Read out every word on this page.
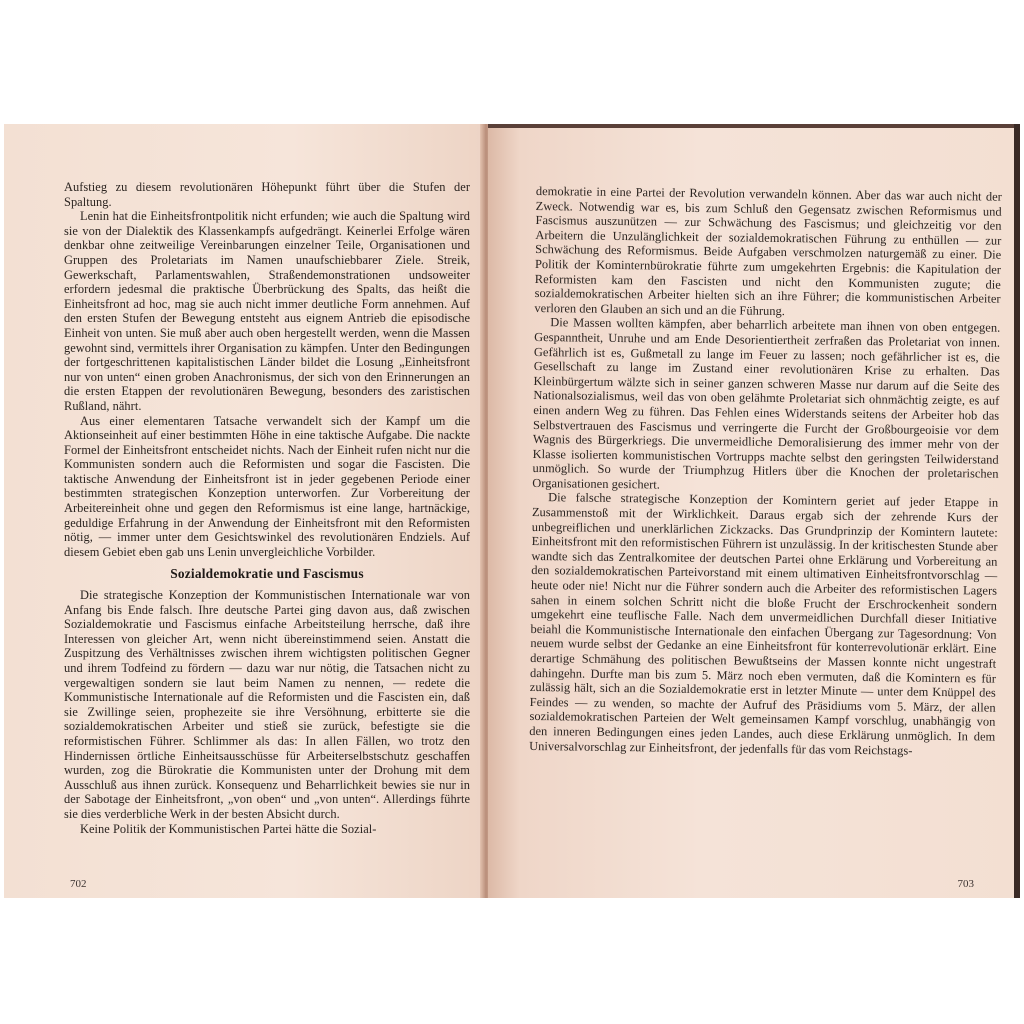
Aufstieg zu diesem revolutionären Höhepunkt führt über die Stufen der Spaltung.

Lenin hat die Einheitsfrontpolitik nicht erfunden; wie auch die Spaltung wird sie von der Dialektik des Klassenkampfs aufgedrängt. Keinerlei Erfolge wären denkbar ohne zeitweilige Vereinbarungen einzelner Teile, Organisationen und Gruppen des Proletariats im Namen unaufschiebbarer Ziele. Streik, Gewerkschaft, Parlamentswahlen, Straßendemonstrationen undsoweiter erfordern jedesmal die praktische Überbrückung des Spalts, das heißt die Einheitsfront ad hoc, mag sie auch nicht immer deutliche Form annehmen. Auf den ersten Stufen der Bewegung entsteht aus eignem Antrieb die episodische Einheit von unten. Sie muß aber auch oben hergestellt werden, wenn die Massen gewohnt sind, vermittels ihrer Organisation zu kämpfen. Unter den Bedingungen der fortgeschrittenen kapitalistischen Länder bildet die Losung „Einheitsfront nur von unten“ einen groben Anachronismus, der sich von den Erinnerungen an die ersten Etappen der revolutionären Bewegung, besonders des zaristischen Rußland, nährt.

Aus einer elementaren Tatsache verwandelt sich der Kampf um die Aktionseinheit auf einer bestimmten Höhe in eine taktische Aufgabe. Die nackte Formel der Einheitsfront entscheidet nichts. Nach der Einheit rufen nicht nur die Kommunisten sondern auch die Reformisten und sogar die Fascisten. Die taktische Anwendung der Einheitsfront ist in jeder gegebenen Periode einer bestimmten strategischen Konzeption unterworfen. Zur Vorbereitung der Arbeitereinheit ohne und gegen den Reformismus ist eine lange, hartnäckige, geduldige Erfahrung in der Anwendung der Einheitsfront mit den Reformisten nötig, — immer unter dem Gesichtswinkel des revolutionären Endziels. Auf diesem Gebiet eben gab uns Lenin unvergleichliche Vorbilder.

Sozialdemokratie und Fascismus

Die strategische Konzeption der Kommunistischen Internationale war von Anfang bis Ende falsch. Ihre deutsche Partei ging davon aus, daß zwischen Sozialdemokratie und Fascismus einfache Arbeitsteilung herrsche, daß ihre Interessen von gleicher Art, wenn nicht übereinstimmend seien. Anstatt die Zuspitzung des Verhältnisses zwischen ihrem wichtigsten politischen Gegner und ihrem Todfeind zu fördern — dazu war nur nötig, die Tatsachen nicht zu vergewaltigen sondern sie laut beim Namen zu nennen, — redete die Kommunistische Internationale auf die Reformisten und die Fascisten ein, daß sie Zwillinge seien, prophezeite sie ihre Versöhnung, erbitterte sie die sozialdemokratischen Arbeiter und stieß sie zurück, befestigte sie die reformistischen Führer. Schlimmer als das: In allen Fällen, wo trotz den Hindernissen örtliche Einheitsausschüsse für Arbeiterselbstschutz geschaffen wurden, zog die Bürokratie die Kommunisten unter der Drohung mit dem Ausschluß aus ihnen zurück. Konsequenz und Beharrlichkeit bewies sie nur in der Sabotage der Einheitsfront, „von oben“ und „von unten“. Allerdings führte sie dies verderbliche Werk in der besten Absicht durch.

Keine Politik der Kommunistischen Partei hätte die Sozial-

702

demokratie in eine Partei der Revolution verwandeln können. Aber das war auch nicht der Zweck. Notwendig war es, bis zum Schluß den Gegensatz zwischen Reformismus und Fascismus auszunützen — zur Schwächung des Fascismus; und gleichzeitig vor den Arbeitern die Unzulänglichkeit der sozialdemokratischen Führung zu enthüllen — zur Schwächung des Reformismus. Beide Aufgaben verschmolzen naturgemäß zu einer. Die Politik der Kominternbürokratie führte zum umgekehrten Ergebnis: die Kapitulation der Reformisten kam den Fascisten und nicht den Kommunisten zugute; die sozialdemokratischen Arbeiter hielten sich an ihre Führer; die kommunistischen Arbeiter verloren den Glauben an sich und an die Führung.

Die Massen wollten kämpfen, aber beharrlich arbeitete man ihnen von oben entgegen. Gespanntheit, Unruhe und am Ende Desorientiertheit zerfraßen das Proletariat von innen. Gefährlich ist es, Gußmetall zu lange im Feuer zu lassen; noch gefährlicher ist es, die Gesellschaft zu lange im Zustand einer revolutionären Krise zu erhalten. Das Kleinbürgertum wälzte sich in seiner ganzen schweren Masse nur darum auf die Seite des Nationalsozialismus, weil das von oben gelähmte Proletariat sich ohnmächtig zeigte, es auf einen andern Weg zu führen. Das Fehlen eines Widerstands seitens der Arbeiter hob das Selbstvertrauen des Fascismus und verringerte die Furcht der Großbourgeoisie vor dem Wagnis des Bürgerkriegs. Die unvermeidliche Demoralisierung des immer mehr von der Klasse isolierten kommunistischen Vortrupps machte selbst den geringsten Teilwiderstand unmöglich. So wurde der Triumphzug Hitlers über die Knochen der proletarischen Organisationen gesichert.

Die falsche strategische Konzeption der Komintern geriet auf jeder Etappe in Zusammenstoß mit der Wirklichkeit. Daraus ergab sich der zehrende Kurs der unbegreiflichen und unerklärlichen Zickzacks. Das Grundprinzip der Komintern lautete: Einheitsfront mit den reformistischen Führern ist unzulässig. In der kritischesten Stunde aber wandte sich das Zentralkomitee der deutschen Partei ohne Erklärung und Vorbereitung an den sozialdemokratischen Parteivorstand mit einem ultimativen Einheitsfrontvorschlag — heute oder nie! Nicht nur die Führer sondern auch die Arbeiter des reformistischen Lagers sahen in einem solchen Schritt nicht die bloße Frucht der Erschrockenheit sondern umgekehrt eine teuflische Falle. Nach dem unvermeidlichen Durchfall dieser Initiative beiahl die Kommunistische Internationale den einfachen Übergang zur Tagesordnung: Von neuem wurde selbst der Gedanke an eine Einheitsfront für konterrevolutionär erklärt. Eine derartige Schmähung des politischen Bewußtseins der Massen konnte nicht ungestraft dahingehn. Durfte man bis zum 5. März noch eben vermuten, daß die Komintern es für zulässig hält, sich an die Sozialdemokratie erst in letzter Minute — unter dem Knüppel des Feindes — zu wenden, so machte der Aufruf des Präsidiums vom 5. März, der allen sozialdemokratischen Parteien der Welt gemeinsamen Kampf vorschlug, unabhängig von den inneren Bedingungen eines jeden Landes, auch diese Erklärung unmöglich. In dem Universalvorschlag zur Einheitsfront, der jedenfalls für das vom Reichstags-

703
